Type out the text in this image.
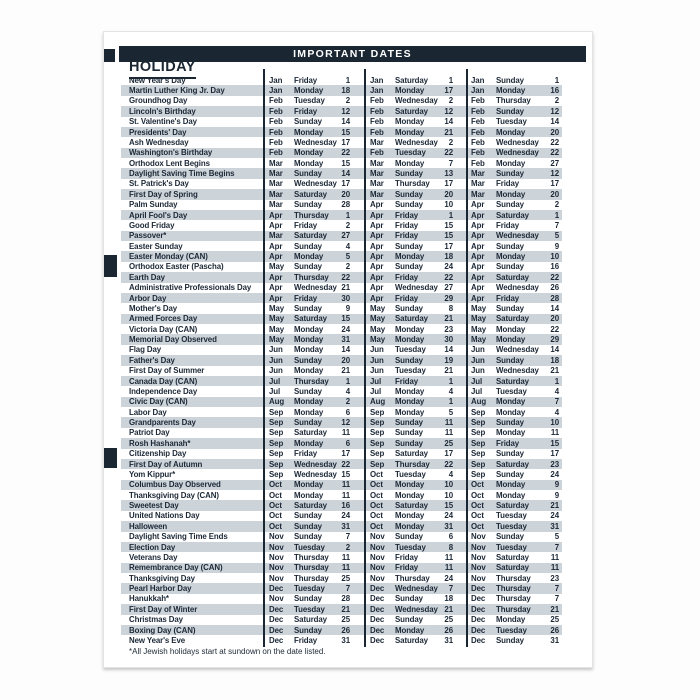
IMPORTANT DATES
HOLIDAY
New Year's Day	Jan	Friday	1	Jan	Saturday	1 Jan	Sunday	1
Martin Luther King Jr. Day	Jan	Monday	18	Jan	Monday	17 Jan	Monday	16
Groundhog Day	Feb	Tuesday	2	Feb	Wednesday	2 Feb	Thursday	2
Lincoln's Birthday	Feb	Friday	12	Feb	Saturday	12 Feb	Sunday	12
St. Valentine's Day	Feb	Sunday	14	Feb	Monday	14 Feb	Tuesday	14
Presidents' Day	Feb	Monday	15	Feb	Monday	21 Feb	Monday	20
Ash Wednesday	Feb	Wednesday 17	Mar	Wednesday	2 Feb	Wednesday	22
Washington's Birthday	Feb	Monday	22	Feb	Tuesday	22 Feb	Wednesday	22
Orthodox Lent Begins	Mar	Monday	15	Mar	Monday	7 Feb	Monday	27
Daylight Saving Time Begins	Mar	Sunday	14	Mar	Sunday	13 Mar	Sunday	12
St. Patrick's Day	Mar	Wednesday 17	Mar	Thursday	17 Mar	Friday	17
First Day of Spring	Mar	Saturday	20	Mar	Sunday	20 Mar	Monday	20
Palm Sunday	Mar	Sunday	28	Apr	Sunday	10 Apr	Sunday	2
April Fool's Day	Apr	Thursday	1	Apr	Friday	1 Apr	Saturday	1
Good Friday	Apr	Friday	2	Apr	Friday	15 Apr	Friday	7
Passover*	Mar	Saturday	27	Apr	Friday	15 Apr	Wednesday	5
Easter Sunday	Apr	Sunday	4	Apr	Sunday	17 Apr	Sunday	9
Easter Monday (CAN)	Apr	Monday	5	Apr	Monday	18 Apr	Monday	10
Orthodox Easter (Pascha)	May	Sunday	2	Apr	Sunday	24 Apr	Sunday	16
Earth Day	Apr	Thursday	22	Apr	Friday	22 Apr	Saturday	22
Administrative Professionals Day	Apr	Wednesday 21	Apr	Wednesday 27 Apr	Wednesday	26
Arbor Day	Apr	Friday	30	Apr	Friday	29 Apr	Friday	28
Mother's Day	May	Sunday	9	May	Sunday	8 May	Sunday	14
Armed Forces Day	May	Saturday	15	May	Saturday	21 May	Saturday	20
Victoria Day (CAN)	May	Monday	24	May	Monday	23 May	Monday	22
Memorial Day Observed	May	Monday	31	May	Monday	30 May	Monday	29
Flag Day	Jun	Monday	14	Jun	Tuesday	14 Jun	Wednesday	14
Father's Day	Jun	Sunday	20	Jun	Sunday	19 Jun	Sunday	18
First Day of Summer	Jun	Monday	21	Jun	Tuesday	21 Jun	Wednesday	21
Canada Day (CAN)	Jul	Thursday	1	Jul	Friday	1 Jul	Saturday	1
Independence Day	Jul	Sunday	4	Jul	Monday	4 Jul	Tuesday	4
Civic Day (CAN)	Aug	Monday	2	Aug	Monday	1 Aug	Monday	7
Labor Day	Sep	Monday	6	Sep	Monday	5 Sep	Monday	4
Grandparents Day	Sep	Sunday	12	Sep	Sunday	11 Sep	Sunday	10
Patriot Day	Sep	Saturday	11	Sep	Sunday	11 Sep	Monday	11
Rosh Hashanah*	Sep	Monday	6	Sep	Sunday	25 Sep	Friday	15
Citizenship Day	Sep	Friday	17	Sep	Saturday	17 Sep	Sunday	17
First Day of Autumn	Sep	Wednesday 22	Sep	Thursday	22 Sep	Saturday	23
Yom Kippur*	Sep	Wednesday 15	Oct	Tuesday	4 Sep	Sunday	24
Columbus Day Observed	Oct	Monday	11	Oct	Monday	10 Oct	Monday	9
Thanksgiving Day (CAN)	Oct	Monday	11	Oct	Monday	10 Oct	Monday	9
Sweetest Day	Oct	Saturday	16	Oct	Saturday	15 Oct	Saturday	21
United Nations Day	Oct	Sunday	24	Oct	Monday	24 Oct	Tuesday	24
Halloween	Oct	Sunday	31	Oct	Monday	31 Oct	Tuesday	31
Daylight Saving Time Ends	Nov	Sunday	7	Nov	Sunday	6 Nov	Sunday	5
Election Day	Nov	Tuesday	2	Nov	Tuesday	8 Nov	Tuesday	7
Veterans Day	Nov	Thursday	11	Nov	Friday	11 Nov	Saturday	11
Remembrance Day (CAN)	Nov	Thursday	11	Nov	Friday	11 Nov	Saturday	11
Thanksgiving Day	Nov	Thursday	25	Nov	Thursday	24 Nov	Thursday	23
Pearl Harbor Day	Dec	Tuesday	7	Dec	Wednesday	7 Dec	Thursday	7
Hanukkah*	Nov	Sunday	28	Dec	Sunday	18 Dec	Thursday	7
First Day of Winter	Dec	Tuesday	21	Dec	Wednesday 21 Dec	Thursday	21
Christmas Day	Dec	Saturday	25	Dec	Sunday	25 Dec	Monday	25
Boxing Day (CAN)	Dec	Sunday	26	Dec	Monday	26 Dec	Tuesday	26
New Year's Eve	Dec	Friday	31	Dec	Saturday	31 Dec	Sunday	31
*All Jewish holidays start at sundown on the date listed.
